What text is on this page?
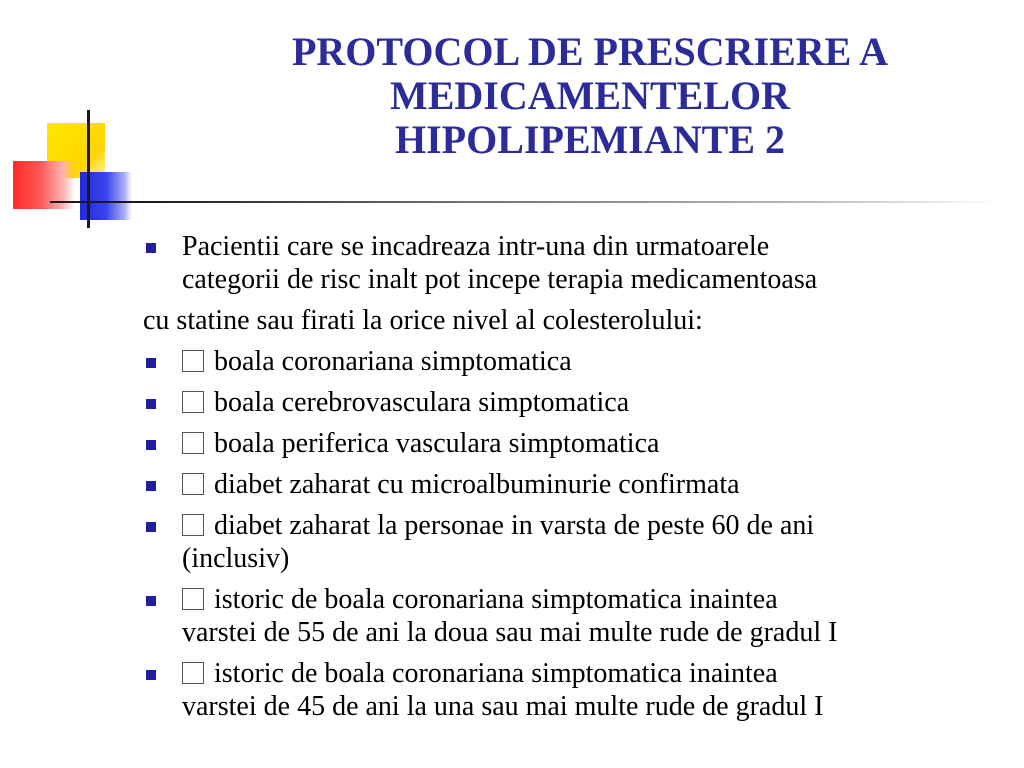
PROTOCOL DE PRESCRIERE A
MEDICAMENTELOR
HIPOLIPEMIANTE 2
Pacientii care se incadreaza intr-una din urmatoarele
categorii de risc inalt pot incepe terapia medicamentoasa
cu statine sau firati la orice nivel al colesterolului:
boala coronariana simptomatica
boala cerebrovasculara simptomatica
boala periferica vasculara simptomatica
diabet zaharat cu microalbuminurie confirmata
diabet zaharat la personae in varsta de peste 60 de ani
(inclusiv)
istoric de boala coronariana simptomatica inaintea
varstei de 55 de ani la doua sau mai multe rude de gradul I
istoric de boala coronariana simptomatica inaintea
varstei de 45 de ani la una sau mai multe rude de gradul I
